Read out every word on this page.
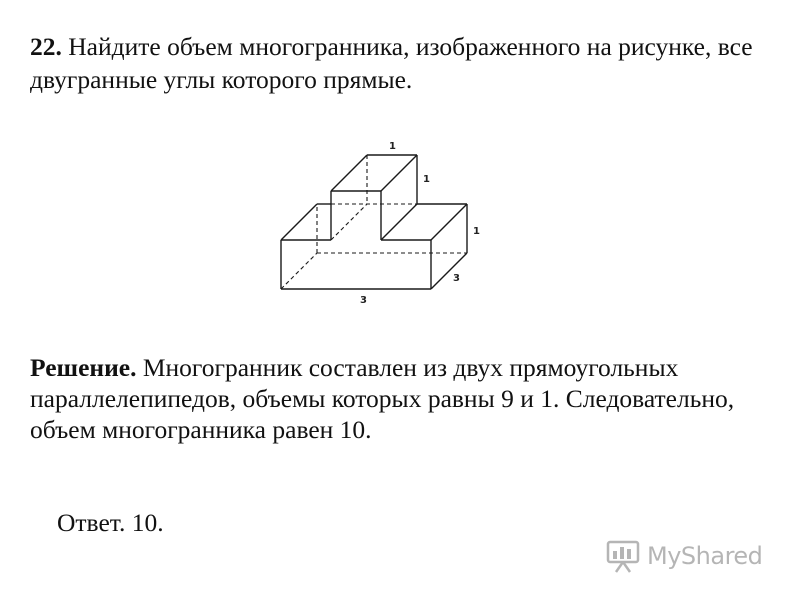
22. Найдите объем многогранника, изображенного на рисунке, все двугранные углы которого прямые.

1
1
1
3
3

Решение. Многогранник составлен из двух прямоугольных параллелепипедов, объемы которых равны 9 и 1. Следовательно, объем многогранника равен 10.

Ответ. 10.

MyShared
